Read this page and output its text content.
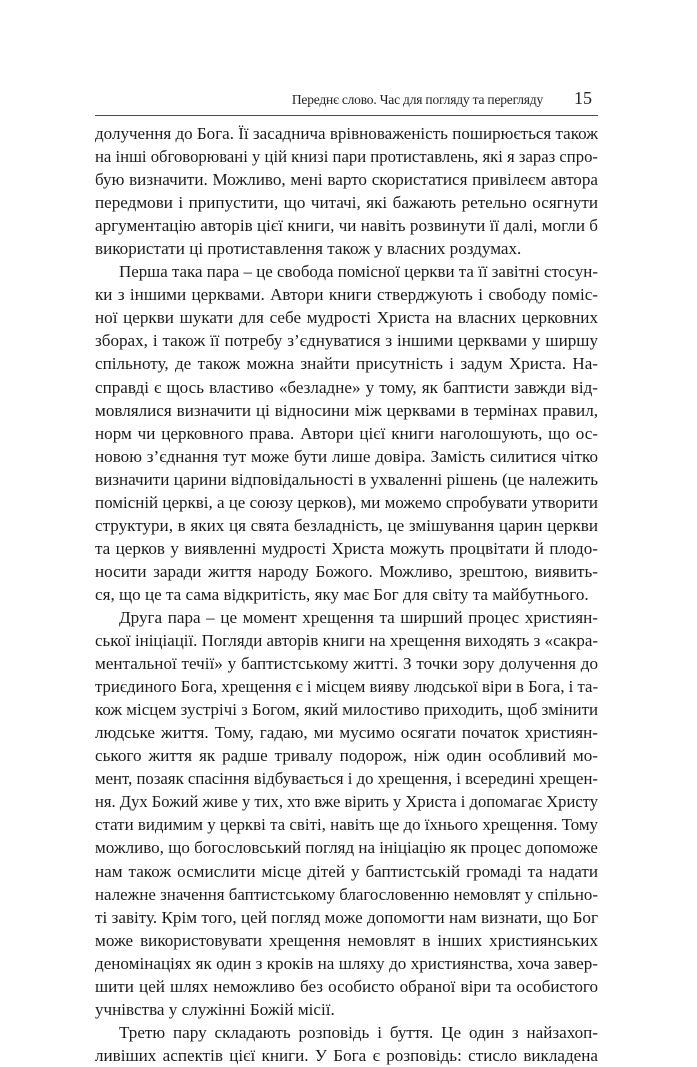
Переднє слово. Час для погляду та перегляду 15
долучення до Бога. Її засаднича врівноваженість поширюється також
на інші обговорювані у цій книзі пари протиставлень, які я зараз спро-
бую визначити. Можливо, мені варто скористатися привілеєм автора
передмови і припустити, що читачі, які бажають ретельно осягнути
аргументацію авторів цієї книги, чи навіть розвинути її далі, могли б
використати ці протиставлення також у власних роздумах.
Перша така пара – це свобода помісної церкви та її завітні стосун-
ки з іншими церквами. Автори книги стверджують і свободу поміс-
ної церкви шукати для себе мудрості Христа на власних церковних
зборах, і також її потребу з’єднуватися з іншими церквами у ширшу
спільноту, де також можна знайти присутність і задум Христа. На-
справді є щось властиво «безладне» у тому, як баптисти завжди від-
мовлялися визначити ці відносини між церквами в термінах правил,
норм чи церковного права. Автори цієї книги наголошують, що ос-
новою з’єднання тут може бути лише довіра. Замість силитися чітко
визначити царини відповідальності в ухваленні рішень (це належить
помісній церкві, а це союзу церков), ми можемо спробувати утворити
структури, в яких ця свята безладність, це змішування царин церкви
та церков у виявленні мудрості Христа можуть процвітати й плодо-
носити заради життя народу Божого. Можливо, зрештою, виявить-
ся, що це та сама відкритість, яку має Бог для світу та майбутнього.
Друга пара – це момент хрещення та ширший процес християн-
ської ініціації. Погляди авторів книги на хрещення виходять з «сакра-
ментальної течії» у баптистському житті. З точки зору долучення до
триєдиного Бога, хрещення є і місцем вияву людської віри в Бога, і та-
кож місцем зустрічі з Богом, який милостиво приходить, щоб змінити
людське життя. Тому, гадаю, ми мусимо осягати початок християн-
ського життя як радше тривалу подорож, ніж один особливий мо-
мент, позаяк спасіння відбувається і до хрещення, і всередині хрещен-
ня. Дух Божий живе у тих, хто вже вірить у Христа і допомагає Христу
стати видимим у церкві та світі, навіть ще до їхнього хрещення. Тому
можливо, що богословський погляд на ініціацію як процес допоможе
нам також осмислити місце дітей у баптистській громаді та надати
належне значення баптистському благословенню немовлят у спільно-
ті завіту. Крім того, цей погляд може допомогти нам визнати, що Бог
може використовувати хрещення немовлят в інших християнських
деномінаціях як один з кроків на шляху до християнства, хоча завер-
шити цей шлях неможливо без особисто обраної віри та особистого
учнівства у служінні Божій місії.
Третю пару складають розповідь і буття. Це один з найзахоп-
ливіших аспектів цієї книги. У Бога є розповідь: стисло викладена
